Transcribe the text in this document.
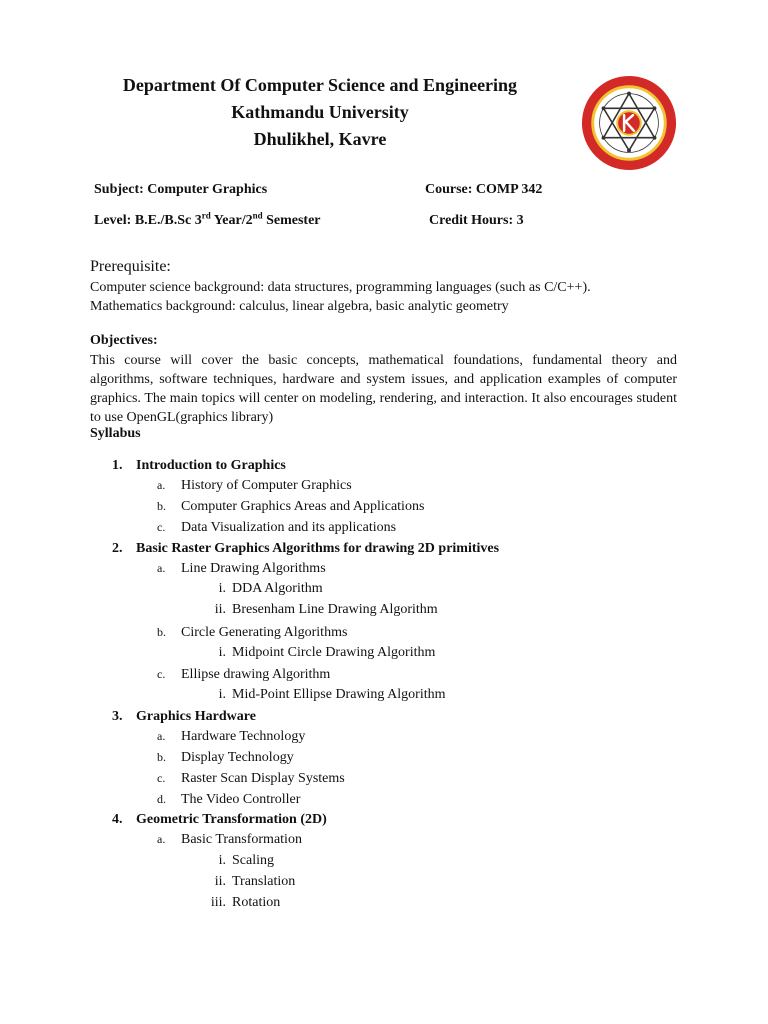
Department Of Computer Science and Engineering
Kathmandu University
Dhulikhel, Kavre
Subject: Computer Graphics	Course: COMP 342
Level: B.E./B.Sc 3rd Year/2nd Semester	Credit Hours: 3
Prerequisite:
Computer science background: data structures, programming languages (such as C/C++).
Mathematics background: calculus, linear algebra, basic analytic geometry
Objectives:
This course will cover the basic concepts, mathematical foundations, fundamental theory and algorithms, software techniques, hardware and system issues, and application examples of computer graphics. The main topics will center on modeling, rendering, and interaction. It also encourages student to use OpenGL(graphics library)
Syllabus
1. Introduction to Graphics
a. History of Computer Graphics
b. Computer Graphics Areas and Applications
c. Data Visualization and its applications
2. Basic Raster Graphics Algorithms for drawing 2D primitives
a. Line Drawing Algorithms
i. DDA Algorithm
ii. Bresenham Line Drawing Algorithm
b. Circle Generating Algorithms
i. Midpoint Circle Drawing Algorithm
c. Ellipse drawing Algorithm
i. Mid-Point Ellipse Drawing Algorithm
3. Graphics Hardware
a. Hardware Technology
b. Display Technology
c. Raster Scan Display Systems
d. The Video Controller
4. Geometric Transformation (2D)
a. Basic Transformation
i. Scaling
ii. Translation
iii. Rotation
